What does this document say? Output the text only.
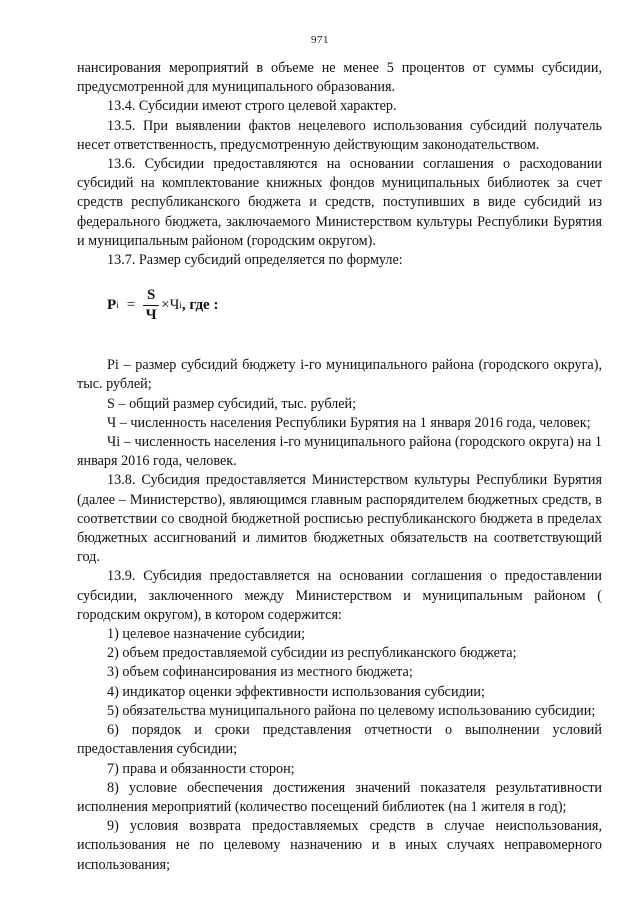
971

нансирования мероприятий в объеме не менее 5 процентов от суммы субсидии, предусмотренной для муниципального образования.

13.4. Субсидии имеют строго целевой характер.

13.5. При выявлении фактов нецелевого использования субсидий получатель несет ответственность, предусмотренную действующим законодательством.

13.6. Субсидии предоставляются на основании соглашения о расходовании субсидий на комплектование книжных фондов муниципальных библиотек за счет средств республиканского бюджета и средств, поступивших в виде субсидий из федерального бюджета, заключаемого Министерством культуры Республики Бурятия и муниципальным районом (городским округом).

13.7. Размер субсидий определяется по формуле:

P $i = \frac{S}{Ч} \times Ч$ i , где :

Pi – размер субсидий бюджету i-го муниципального района (городского округа), тыс. рублей;

S – общий размер субсидий, тыс. рублей;

Ч – численность населения Республики Бурятия на 1 января 2016 года, человек;

Чi – численность населения i-го муниципального района (городского округа) на 1 января 2016 года, человек.

13.8. Субсидия предоставляется Министерством культуры Республики Бурятия (далее – Министерство), являющимся главным распорядителем бюджетных средств, в соответствии со сводной бюджетной росписью республиканского бюджета в пределах бюджетных ассигнований и лимитов бюджетных обязательств на соответствующий год.

13.9. Субсидия предоставляется на основании соглашения о предоставлении субсидии, заключенного между Министерством и муниципальным районом ( городским округом), в котором содержится:

1) целевое назначение субсидии;

2) объем предоставляемой субсидии из республиканского бюджета;

3) объем софинансирования из местного бюджета;

4) индикатор оценки эффективности использования субсидии;

5) обязательства муниципального района по целевому использованию субсидии;

6) порядок и сроки представления отчетности о выполнении условий предоставления субсидии;

7) права и обязанности сторон;

8) условие обеспечения достижения значений показателя результативности исполнения мероприятий (количество посещений библиотек (на 1 жителя в год);

9) условия возврата предоставляемых средств в случае неиспользования, использования не по целевому назначению и в иных случаях неправомерного использования;
